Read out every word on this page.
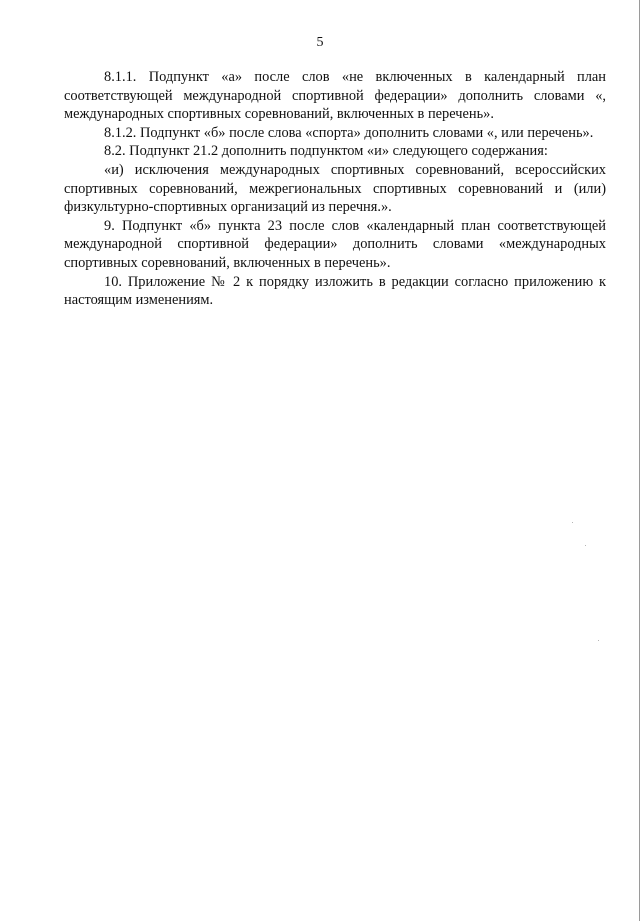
5

8.1.1. Подпункт «а» после слов «не включенных в календарный план соответствующей международной спортивной федерации» дополнить словами «, международных спортивных соревнований, включенных в перечень».

8.1.2. Подпункт «б» после слова «спорта» дополнить словами «, или перечень».

8.2. Подпункт 21.2 дополнить подпунктом «и» следующего содержания:

«и) исключения международных спортивных соревнований, всероссийских спортивных соревнований, межрегиональных спортивных соревнований и (или) физкультурно-спортивных организаций из перечня.».

9. Подпункт «б» пункта 23 после слов «календарный план соответствующей международной спортивной федерации» дополнить словами «международных спортивных соревнований, включенных в перечень».

10. Приложение № 2 к порядку изложить в редакции согласно приложению к настоящим изменениям.
